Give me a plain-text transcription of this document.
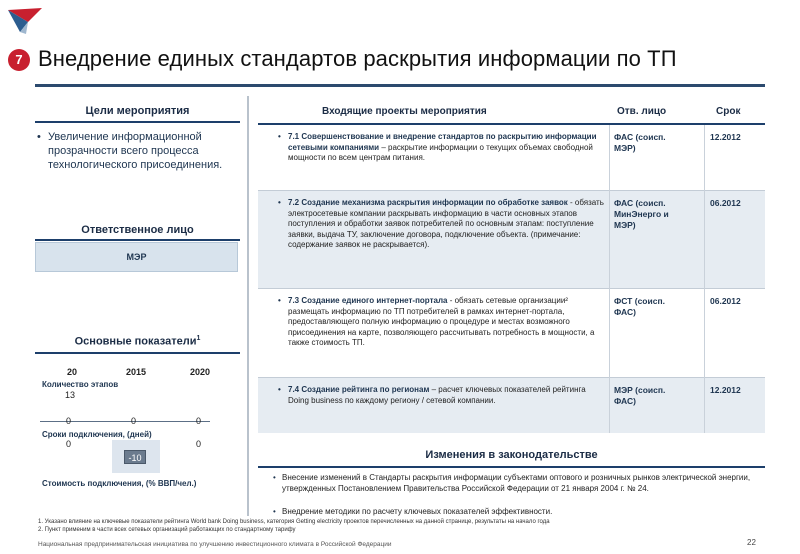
7 Внедрение единых стандартов раскрытия информации по ТП
Цели мероприятия
• Увеличение информационной прозрачности всего процесса технологического присоединения.
Ответственное лицо
МЭР
Основные показатели$^1$
20	2015	2020
Количество этапов
13
0	0	0
Сроки подключения, (дней)
0	0
-10
Стоимость подключения, (% ВВП/чел.)
Входящие проекты мероприятия	Отв. лицо	Срок
• 7.1 Совершенствование и внедрение стандартов по раскрытию информации сетевыми компаниями – раскрытие информации о текущих объемах свободной мощности по всем центрам питания.
ФАС (соисп. МЭР)
12.2012
• 7.2 Создание механизма раскрытия информации по обработке заявок - обязать электросетевые компании раскрывать информацию в части основных этапов поступления и обработки заявок потребителей по основным этапам: поступление заявки, выдача ТУ, заключение договора, подключение объекта. (примечание: содержание заявок не раскрывается).
ФАС (соисп. МинЭнерго и МЭР)
06.2012
• 7.3 Создание единого интернет-портала - обязать сетевые организации² размещать информацию по ТП потребителей в рамках интернет-портала, предоставляющего полную информацию о процедуре и местах возможного присоединения на карте, позволяющего рассчитывать потребность в мощности, а также стоимость ТП.
ФСТ (соисп. ФАС)
06.2012
• 7.4 Создание рейтинга по регионам – расчет ключевых показателей рейтинга Doing business по каждому региону / сетевой компании.
МЭР (соисп. ФАС)
12.2012
Изменения в законодательстве
• Внесение изменений в Стандарты раскрытия информации субъектами оптового и розничных рынков электрической энергии, утвержденных Постановлением Правительства Российской Федерации от 21 января 2004 г. № 24.
• Внедрение методики по расчету ключевых показателей эффективности.
1. Указано влияние на ключевые показатели рейтинга World bank Doing business, категория Getting electricity проектов перечисленных на данной странице, результаты на начало года
2. Пункт применим в части всех сетевых организаций работающих по стандартному тарифу
Национальная предпринимательская инициатива по улучшению инвестиционного климата в Российской Федерации	22
